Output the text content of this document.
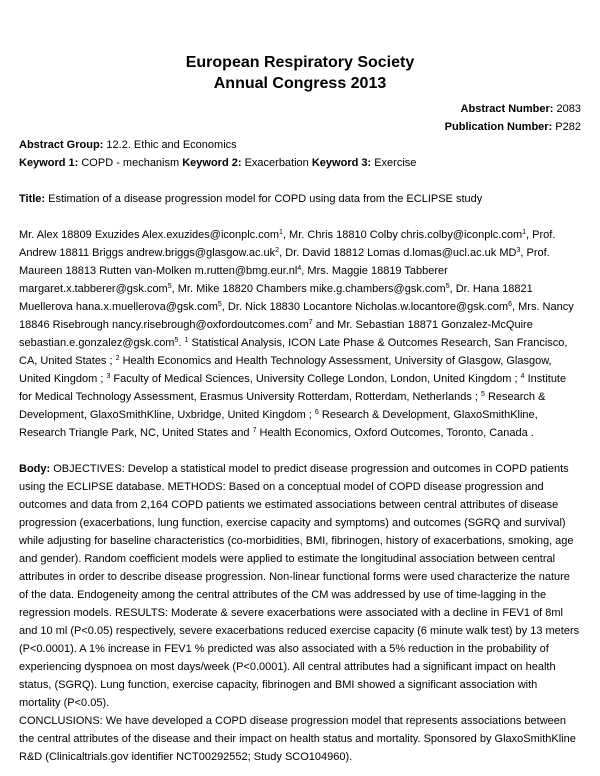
European Respiratory Society
Annual Congress 2013
Abstract Number: 2083
Publication Number: P282
Abstract Group: 12.2. Ethic and Economics
Keyword 1: COPD - mechanism Keyword 2: Exacerbation Keyword 3: Exercise
Title: Estimation of a disease progression model for COPD using data from the ECLIPSE study
Mr. Alex 18809 Exuzides Alex.exuzides@iconplc.com$^1$, Mr. Chris 18810 Colby chris.colby@iconplc.com$^1$, Prof. Andrew 18811 Briggs $andrew.briggs@glasgow.ac.uk^2$, Dr. David 18812 Lomas d.lomas@ucl.ac.uk $MD^3$, Prof. Maureen 18813 Rutten van-Molken $m.rutten@bmg.eur.nl^4$, Mrs. Maggie 18819 Tabberer margaret.x.tabberer@gsk.com$^5$, Mr. Mike 18820 Chambers mike.g.chambers@gsk.com$^5$, Dr. Hana 18821 Muellerova hana.x.muellerova@gsk.com$^5$, Dr. Nick 18830 Locantore Nicholas.w.locantore@gsk.com$^6$, Mrs. Nancy 18846 Risebrough nancy.risebrough@oxfordoutcomes.com$^7$ and Mr. Sebastian 18871 Gonzalez-McQuire sebastian.e.gonzalez@gsk.com$^5$. $^1$ Statistical Analysis, ICON Late Phase & Outcomes Research, San Francisco, CA, United States ; $^2$ Health Economics and Health Technology Assessment, University of Glasgow, Glasgow, United Kingdom ; $^3$ Faculty of Medical Sciences, University College London, London, United Kingdom ; $^4$ Institute for Medical Technology Assessment, Erasmus University Rotterdam, Rotterdam, Netherlands ; $^5$ Research & Development, GlaxoSmithKline, Uxbridge, United Kingdom ; $^6$ Research & Development, GlaxoSmithKline, Research Triangle Park, NC, United States and $^7$ Health Economics, Oxford Outcomes, Toronto, Canada .
Body: OBJECTIVES: Develop a statistical model to predict disease progression and outcomes in COPD patients using the ECLIPSE database. METHODS: Based on a conceptual model of COPD disease progression and outcomes and data from 2,164 COPD patients we estimated associations between central attributes of disease progression (exacerbations, lung function, exercise capacity and symptoms) and outcomes (SGRQ and survival) while adjusting for baseline characteristics (co-morbidities, BMI, fibrinogen, history of exacerbations, smoking, age and gender). Random coefficient models were applied to estimate the longitudinal association between central attributes in order to describe disease progression. Non-linear functional forms were used characterize the nature of the data. Endogeneity among the central attributes of the CM was addressed by use of time-lagging in the regression models. RESULTS: Moderate & severe exacerbations were associated with a decline in FEV1 of 8ml and 10 ml (P<0.05) respectively, severe exacerbations reduced exercise capacity (6 minute walk test) by 13 meters (P<0.0001). A 1% increase in FEV1 % predicted was also associated with a 5% reduction in the probability of experiencing dyspnoea on most days/week (P<0.0001). All central attributes had a significant impact on health status, (SGRQ). Lung function, exercise capacity, fibrinogen and BMI showed a significant association with mortality (P<0.05).
CONCLUSIONS: We have developed a COPD disease progression model that represents associations between the central attributes of the disease and their impact on health status and mortality. Sponsored by GlaxoSmithKline R&D (Clinicaltrials.gov identifier NCT00292552; Study SCO104960).
